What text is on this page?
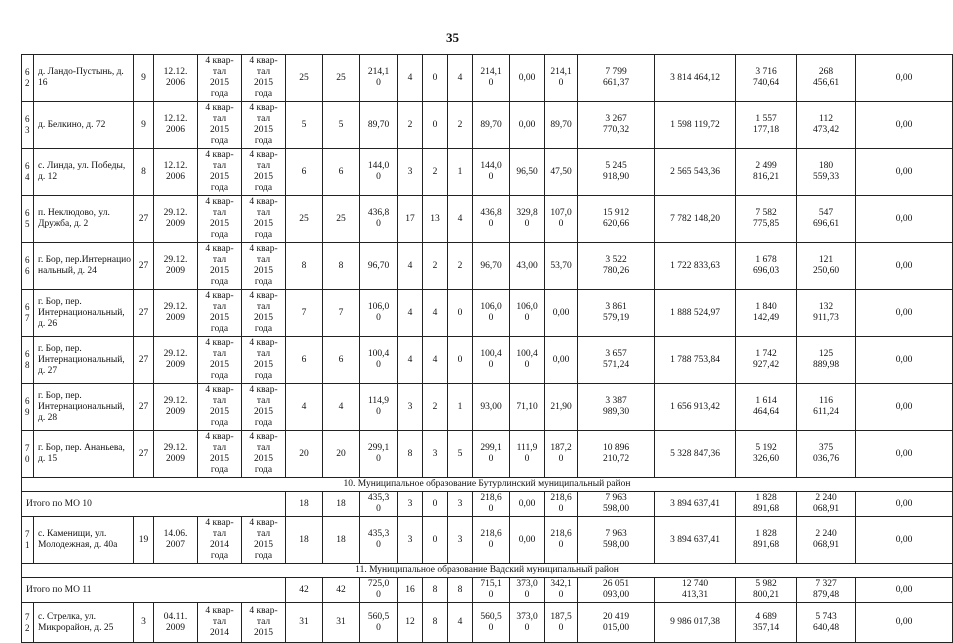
35
6
2	д. Ландо-Пустынь, д. 16	9	12.12.
2006	4 квар-
тал
2015
года	4 квар-
тал
2015
года	25	25	214,1
0	4	0	4	214,1
0	0,00	214,1
0	7 799
661,37	3 814 464,12	3 716
740,64	268
456,61	0,00
6
3	д. Белкино, д. 72	9	12.12.
2006	4 квар-
тал
2015
года	4 квар-
тал
2015
года	5	5	89,70	2	0	2	89,70	0,00	89,70	3 267
770,32	1 598 119,72	1 557
177,18	112
473,42	0,00
6
4	с. Линда, ул. Победы, д. 12	8	12.12.
2006	4 квар-
тал
2015
года	4 квар-
тал
2015
года	6	6	144,0
0	3	2	1	144,0
0	96,50	47,50	5 245
918,90	2 565 543,36	2 499
816,21	180
559,33	0,00
6
5	п. Неклюдово, ул. Дружба, д. 2	27	29.12.
2009	4 квар-
тал
2015
года	4 квар-
тал
2015
года	25	25	436,8
0	17	13	4	436,8
0	329,8
0	107,0
0	15 912
620,66	7 782 148,20	7 582
775,85	547
696,61	0,00
6
6	г. Бор, пер.Интернацио нальный, д. 24	27	29.12.
2009	4 квар-
тал
2015
года	4 квар-
тал
2015
года	8	8	96,70	4	2	2	96,70	43,00	53,70	3 522
780,26	1 722 833,63	1 678
696,03	121
250,60	0,00
6
7	г. Бор, пер. Интернациональный, д. 26	27	29.12.
2009	4 квар-
тал
2015
года	4 квар-
тал
2015
года	7	7	106,0
0	4	4	0	106,0
0	106,0
0	0,00	3 861
579,19	1 888 524,97	1 840
142,49	132
911,73	0,00
6
8	г. Бор, пер. Интернациональный, д. 27	27	29.12.
2009	4 квар-
тал
2015
года	4 квар-
тал
2015
года	6	6	100,4
0	4	4	0	100,4
0	100,4
0	0,00	3 657
571,24	1 788 753,84	1 742
927,42	125
889,98	0,00
6
9	г. Бор, пер. Интернациональный, д. 28	27	29.12.
2009	4 квар-
тал
2015
года	4 квар-
тал
2015
года	4	4	114,9
0	3	2	1	93,00	71,10	21,90	3 387
989,30	1 656 913,42	1 614
464,64	116
611,24	0,00
7
0	г. Бор, пер. Ананьева, д. 15	27	29.12.
2009	4 квар-
тал
2015
года	4 квар-
тал
2015
года	20	20	299,1
0	8	3	5	299,1
0	111,9
0	187,2
0	10 896
210,72	5 328 847,36	5 192
326,60	375
036,76	0,00
10. Муниципальное образование Бутурлинский муниципальный район																			
Итого по МО 10						18	18	435,3
0	3	0	3	218,6
0	0,00	218,6
0	7 963
598,00	3 894 637,41	1 828
891,68	2 240
068,91	0,00
7
1	с. Каменищи, ул. Молодежная, д. 40а	19	14.06.
2007	4 квар-
тал
2014
года	4 квар-
тал
2015
года	18	18	435,3
0	3	0	3	218,6
0	0,00	218,6
0	7 963
598,00	3 894 637,41	1 828
891,68	2 240
068,91	0,00
11. Муниципальное образование Вадский муниципальный район																			
Итого по МО 11						42	42	725,0
0	16	8	8	715,1
0	373,0
0	342,1
0	26 051
093,00	12 740
413,31	5 982
800,21	7 327
879,48	0,00
7
2	с. Стрелка, ул. Микрорайон, д. 25	3	04.11.
2009	4 квар-
тал
2014	4 квар-
тал
2015	31	31	560,5
0	12	8	4	560,5
0	373,0
0	187,5
0	20 419
015,00	9 986 017,38	4 689
357,14	5 743
640,48	0,00
